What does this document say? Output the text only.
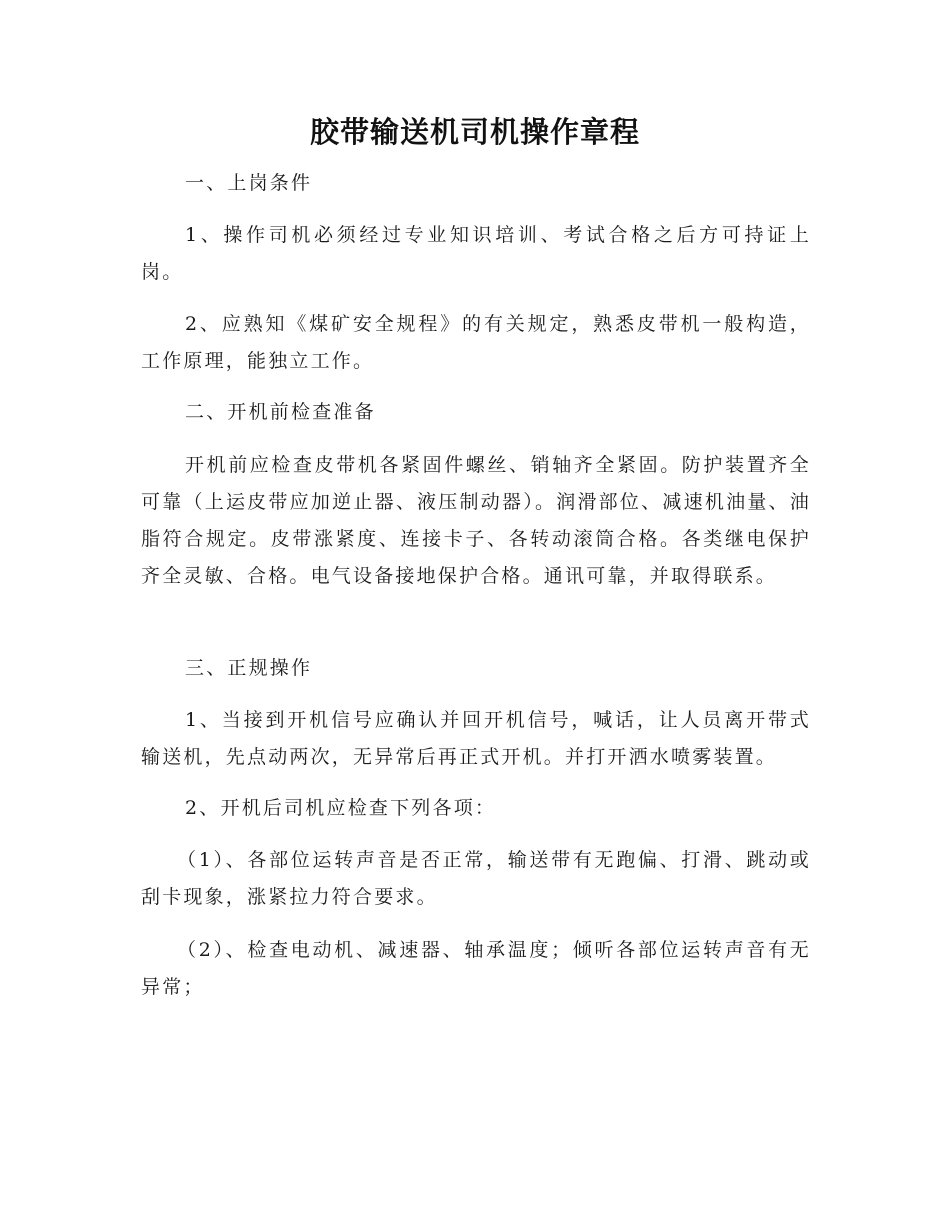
胶带输送机司机操作章程

一、上岗条件

1、操作司机必须经过专业知识培训、考试合格之后方可持证上岗。

2、应熟知《煤矿安全规程》的有关规定，熟悉皮带机一般构造，工作原理，能独立工作。

二、开机前检查准备

开机前应检查皮带机各紧固件螺丝、销轴齐全紧固。防护装置齐全可靠（上运皮带应加逆止器、液压制动器）。润滑部位、减速机油量、油脂符合规定。皮带涨紧度、连接卡子、各转动滚筒合格。各类继电保护齐全灵敏、合格。电气设备接地保护合格。通讯可靠，并取得联系。

三、正规操作

1、当接到开机信号应确认并回开机信号，喊话，让人员离开带式输送机，先点动两次，无异常后再正式开机。并打开洒水喷雾装置。

2、开机后司机应检查下列各项：

（1）、各部位运转声音是否正常，输送带有无跑偏、打滑、跳动或刮卡现象，涨紧拉力符合要求。

（2）、检查电动机、减速器、轴承温度；倾听各部位运转声音有无异常；
